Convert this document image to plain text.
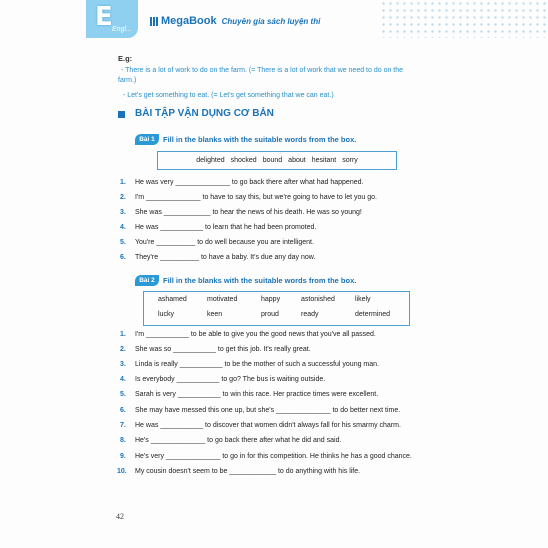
E Engl...
MegaBook Chuyên gia sách luyện thi
E.g:
- There is a lot of work to do on the farm. (= There is a lot of work that we need to do on the
farm.)
- Let's get something to eat. (= Let's get something that we can eat.)
BÀI TẬP VẬN DỤNG CƠ BẢN
Bài 1	Fill in the blanks with the suitable words from the box.
delighted shocked bound about hesitant sorry
1. He was very ______________ to go back there after what had happened.
2. I'm ______________ to have to say this, but we're going to have to let you go.
3. She was ____________ to hear the news of his death. He was so young!
4. He was ___________ to learn that he had been promoted.
5. You're __________ to do well because you are intelligent.
6. They're __________ to have a baby. It's due any day now.
Bài 2	Fill in the blanks with the suitable words from the box.
ashamed	motivated	happy	astonished	likely
lucky	keen	proud	ready	determined
1. I'm ___________ to be able to give you the good news that you've all passed.
2. She was so ___________ to get this job. It's really great.
3. Linda is really ___________ to be the mother of such a successful young man.
4. Is everybody ___________ to go? The bus is waiting outside.
5. Sarah is very ___________ to win this race. Her practice times were excellent.
6. She may have messed this one up, but she's ______________ to do better next time.
7. He was ___________ to discover that women didn't always fall for his smarmy charm.
8. He's ______________ to go back there after what he did and said.
9. He's very ______________ to go in for this competition. He thinks he has a good chance.
10. My cousin doesn't seem to be ____________ to do anything with his life.
42
